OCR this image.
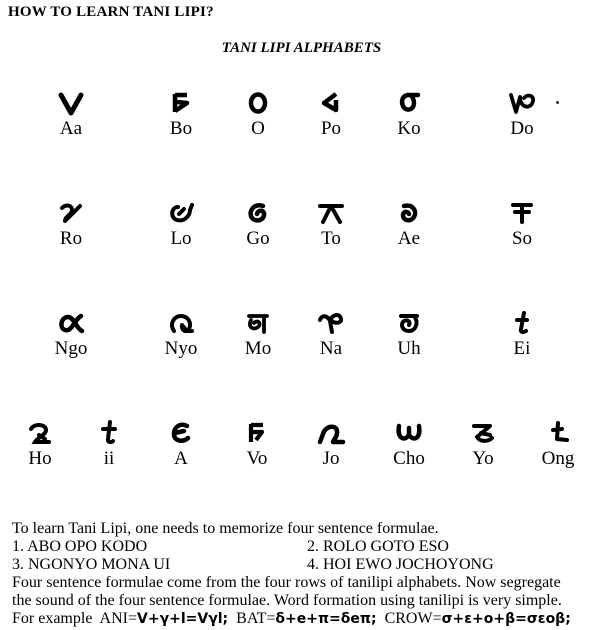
HOW TO LEARN TANI LIPI?
TANI LIPI ALPHABETS
Aa	Bo	O	Po	Ko	Do
Ro	Lo	Go	To	Ae	So
Ngo	Nyo	Mo	Na	Uh	Ei
Ho	ii	A	Vo	Jo	Cho	Yo	Ong
To learn Tani Lipi, one needs to memorize four sentence formulae.
1. ABO OPO KODO	2. ROLO GOTO ESO
3. NGONYO MONA UI	4. HOI EWO JOCHOYONG
Four sentence formulae come from the four rows of tanilipi alphabets. Now segregate
the sound of the four sentence formulae. Word formation using tanilipi is very simple.
For example ANI=V+γ+l=Vγl; BAT=δ+e+π=δeπ; CROW=σ+ε+o+β=σεoβ;
